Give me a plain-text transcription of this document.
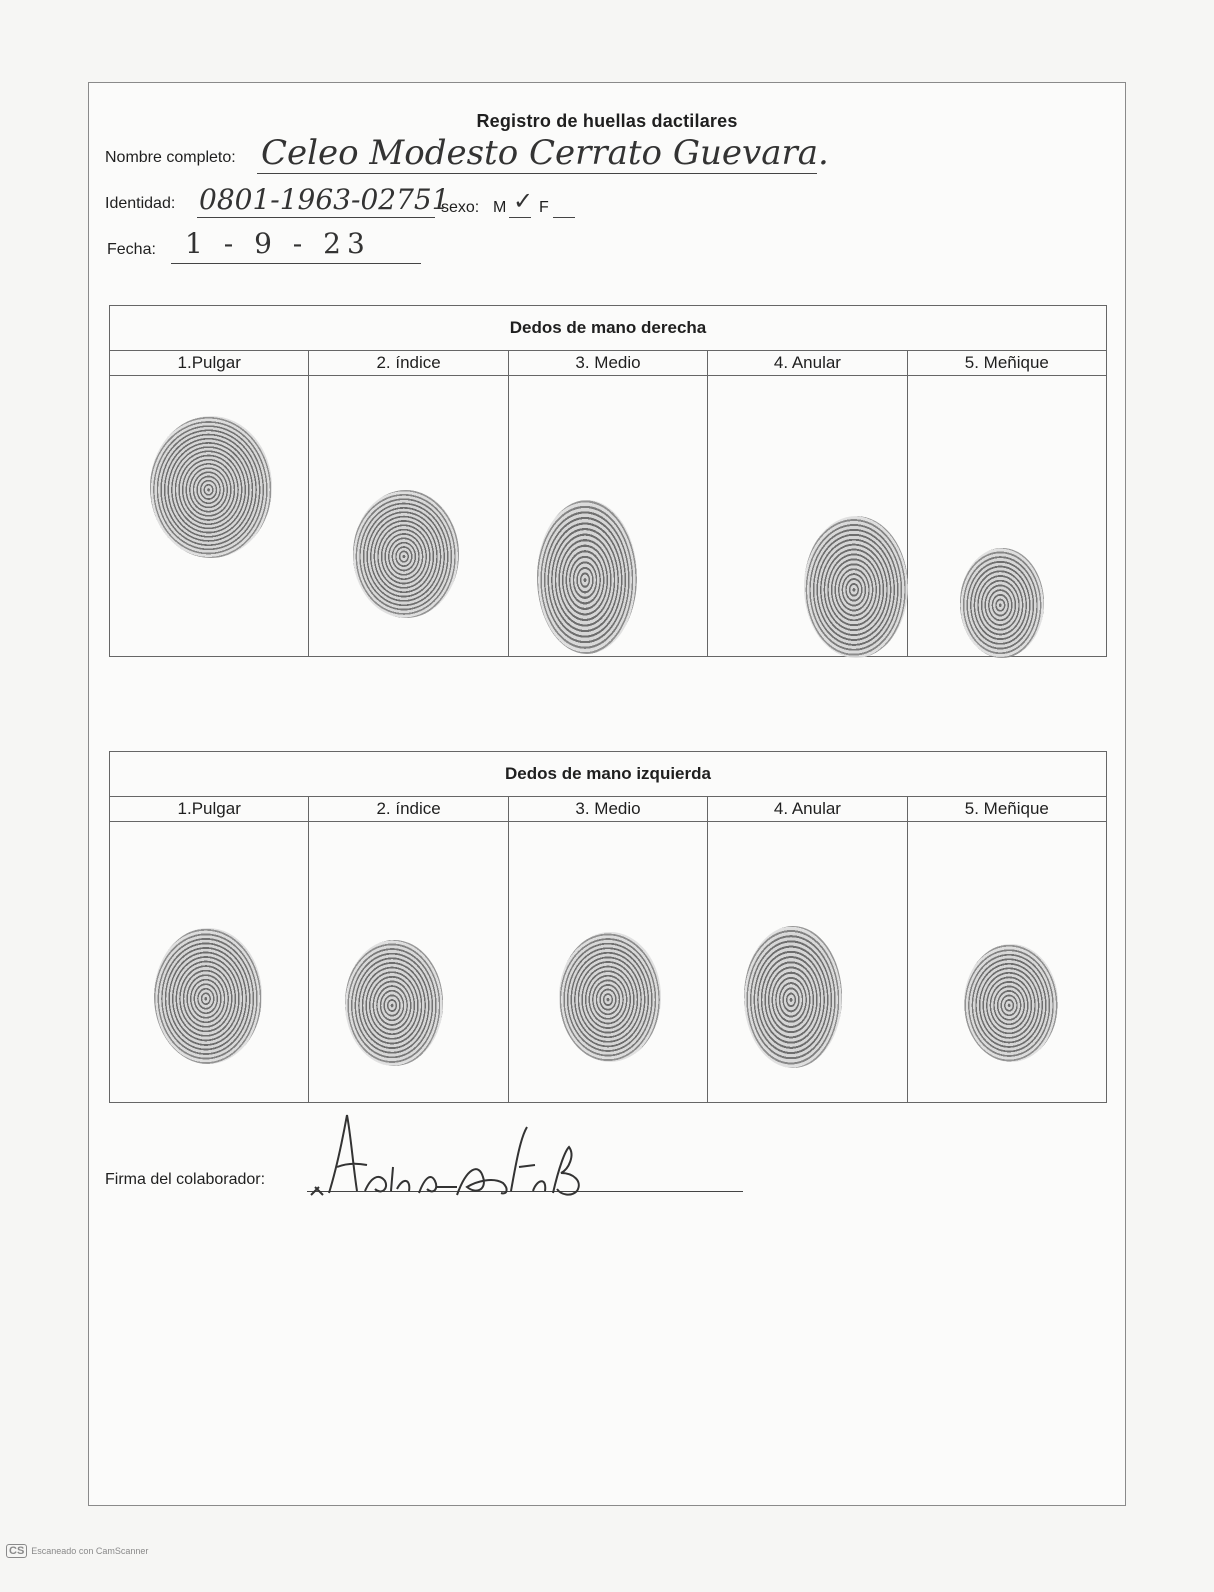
Registro de huellas dactilares
Nombre completo: Celeo Modesto Cerrato Guevara.
Identidad: 0801-1963-02751
sexo: M ✓ F
Fecha: 1 - 9 - 23
Dedos de mano derecha
1.Pulgar	2. índice	3. Medio	4. Anular	5. Meñique
Dedos de mano izquierda
1.Pulgar	2. índice	3. Medio	4. Anular	5. Meñique
Firma del colaborador:
CS Escaneado con CamScanner
